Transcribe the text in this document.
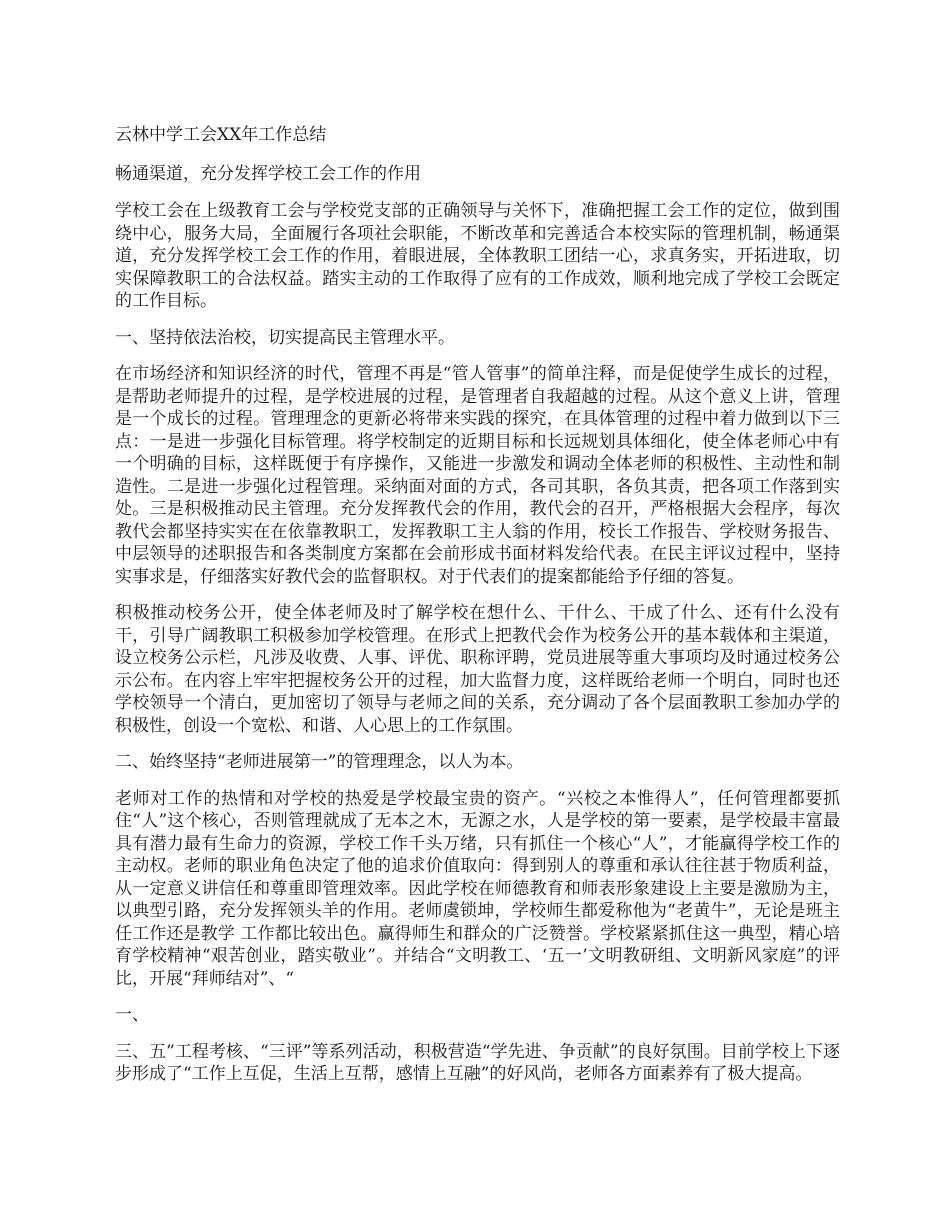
云林中学工会XX年工作总结

畅通渠道，充分发挥学校工会工作的作用

学校工会在上级教育工会与学校党支部的正确领导与关怀下，准确把握工会工作的定位，做到围绕中心，服务大局，全面履行各项社会职能，不断改革和完善适合本校实际的管理机制，畅通渠道，充分发挥学校工会工作的作用，着眼进展，全体教职工团结一心，求真务实，开拓进取，切实保障教职工的合法权益。踏实主动的工作取得了应有的工作成效，顺利地完成了学校工会既定的工作目标。

一、坚持依法治校，切实提高民主管理水平。

在市场经济和知识经济的时代，管理不再是“管人管事”的简单注释，而是促使学生成长的过程，是帮助老师提升的过程，是学校进展的过程，是管理者自我超越的过程。从这个意义上讲，管理是一个成长的过程。管理理念的更新必将带来实践的探究，在具体管理的过程中着力做到以下三点：一是进一步强化目标管理。将学校制定的近期目标和长远规划具体细化，使全体老师心中有一个明确的目标，这样既便于有序操作，又能进一步激发和调动全体老师的积极性、主动性和制造性。二是进一步强化过程管理。采纳面对面的方式，各司其职，各负其责，把各项工作落到实处。三是积极推动民主管理。充分发挥教代会的作用，教代会的召开，严格根据大会程序，每次教代会都坚持实实在在依靠教职工，发挥教职工主人翁的作用，校长工作报告、学校财务报告、中层领导的述职报告和各类制度方案都在会前形成书面材料发给代表。在民主评议过程中，坚持实事求是，仔细落实好教代会的监督职权。对于代表们的提案都能给予仔细的答复。

积极推动校务公开，使全体老师及时了解学校在想什么、干什么、干成了什么、还有什么没有干，引导广阔教职工积极参加学校管理。在形式上把教代会作为校务公开的基本载体和主渠道，设立校务公示栏，凡涉及收费、人事、评优、职称评聘，党员进展等重大事项均及时通过校务公示公布。在内容上牢牢把握校务公开的过程，加大监督力度，这样既给老师一个明白，同时也还学校领导一个清白，更加密切了领导与老师之间的关系，充分调动了各个层面教职工参加办学的积极性，创设一个宽松、和谐、人心思上的工作氛围。

二、始终坚持“老师进展第一”的管理理念，以人为本。

老师对工作的热情和对学校的热爱是学校最宝贵的资产。“兴校之本惟得人”，任何管理都要抓住“人”这个核心，否则管理就成了无本之木，无源之水，人是学校的第一要素，是学校最丰富最具有潜力最有生命力的资源，学校工作千头万绪，只有抓住一个核心“人”，才能赢得学校工作的主动权。老师的职业角色决定了他的追求价值取向：得到别人的尊重和承认往往甚于物质利益，从一定意义讲信任和尊重即管理效率。因此学校在师德教育和师表形象建设上主要是激励为主，以典型引路，充分发挥领头羊的作用。老师虞锁坤，学校师生都爱称他为“老黄牛”，无论是班主任工作还是教学 工作都比较出色。赢得师生和群众的广泛赞誉。学校紧紧抓住这一典型，精心培育学校精神“艰苦创业，踏实敬业”。并结合“文明教工、‘五一’文明教研组、文明新风家庭”的评比，开展“拜师结对”、“

一、

三、五”工程考核、“三评”等系列活动，积极营造“学先进、争贡献”的良好氛围。目前学校上下逐步形成了“工作上互促，生活上互帮，感情上互融”的好风尚，老师各方面素养有了极大提高。
